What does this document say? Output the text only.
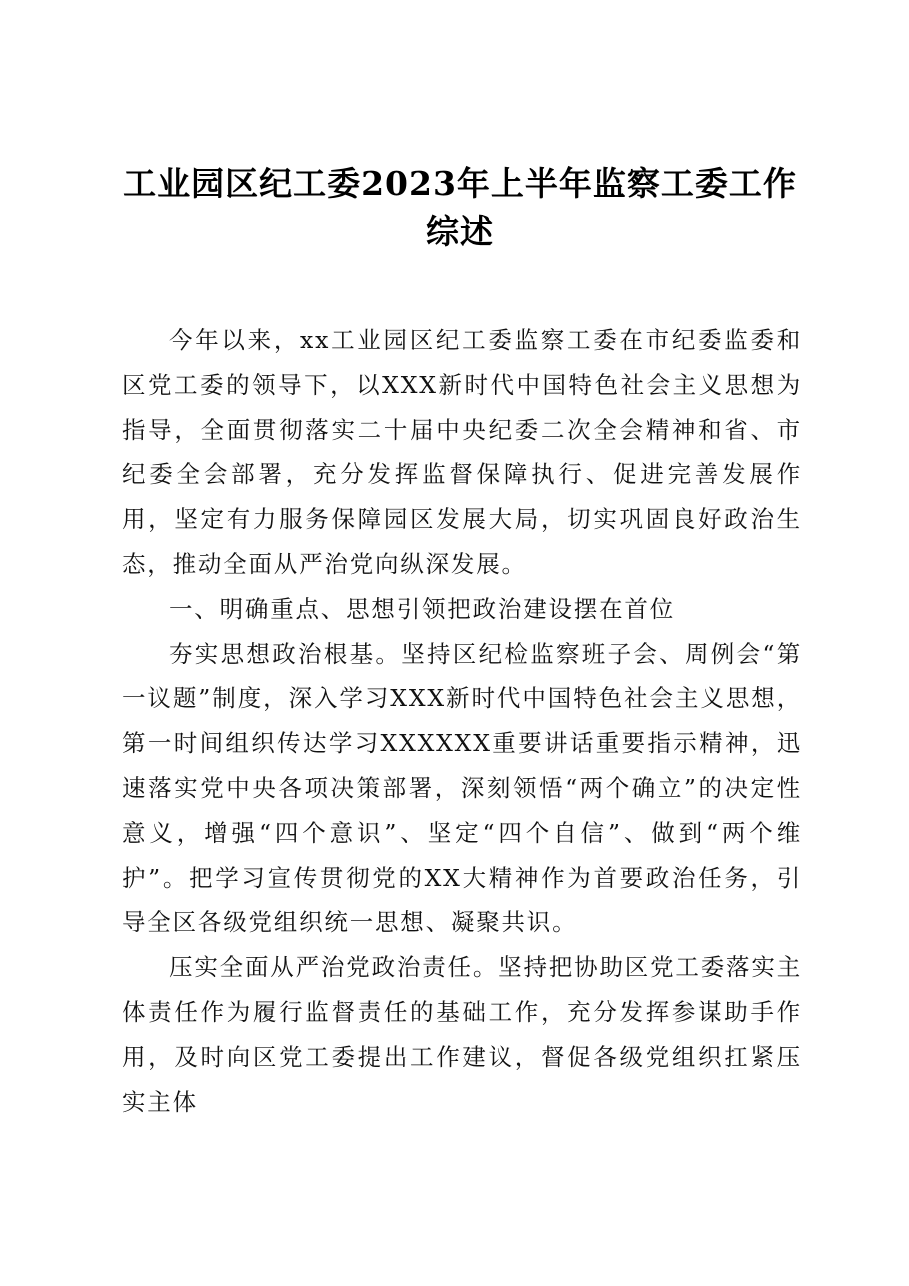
工业园区纪工委2023年上半年监察工委工作
综述

今年以来，xx工业园区纪工委监察工委在市纪委监委和区党工委的领导下，以XXX新时代中国特色社会主义思想为指导，全面贯彻落实二十届中央纪委二次全会精神和省、市纪委全会部署，充分发挥监督保障执行、促进完善发展作用，坚定有力服务保障园区发展大局，切实巩固良好政治生态，推动全面从严治党向纵深发展。

一、明确重点、思想引领把政治建设摆在首位

夯实思想政治根基。坚持区纪检监察班子会、周例会“第一议题”制度，深入学习XXX新时代中国特色社会主义思想，第一时间组织传达学习XXXXXX重要讲话重要指示精神，迅速落实党中央各项决策部署，深刻领悟“两个确立”的决定性意义，增强“四个意识”、坚定“四个自信”、做到“两个维护”。把学习宣传贯彻党的XX大精神作为首要政治任务，引导全区各级党组织统一思想、凝聚共识。

压实全面从严治党政治责任。坚持把协助区党工委落实主体责任作为履行监督责任的基础工作，充分发挥参谋助手作用，及时向区党工委提出工作建议，督促各级党组织扛紧压实主体
